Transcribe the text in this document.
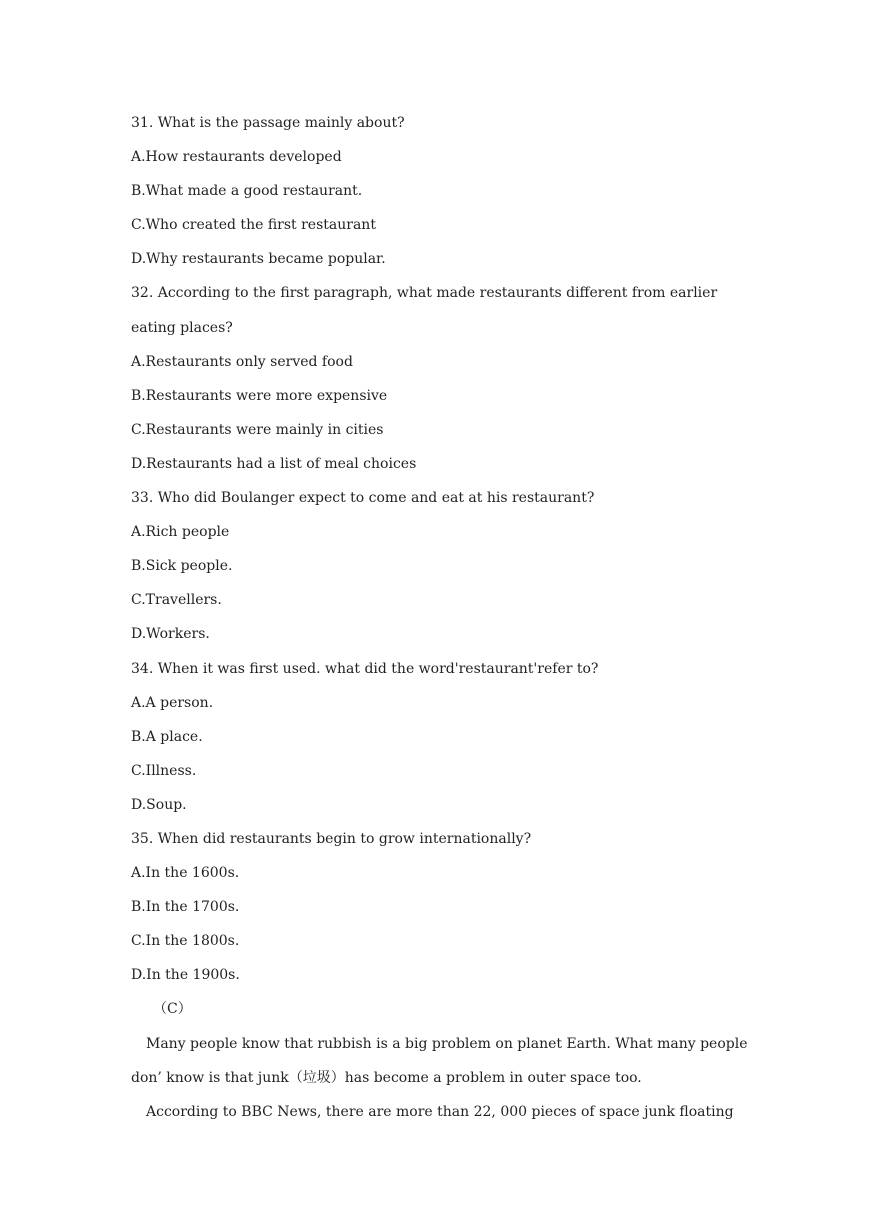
31. What is the passage mainly about?
A.How restaurants developed
B.What made a good restaurant.
C.Who created the first restaurant
D.Why restaurants became popular.
32. According to the first paragraph, what made restaurants different from earlier
eating places?
A.Restaurants only served food
B.Restaurants were more expensive
C.Restaurants were mainly in cities
D.Restaurants had a list of meal choices
33. Who did Boulanger expect to come and eat at his restaurant?
A.Rich people
B.Sick people.
C.Travellers.
D.Workers.
34. When it was first used. what did the word'restaurant'refer to?
A.A person.
B.A place.
C.Illness.
D.Soup.
35. When did restaurants begin to grow internationally?
A.In the 1600s.
B.In the 1700s.
C.In the 1800s.
D.In the 1900s.
（C）
Many people know that rubbish is a big problem on planet Earth. What many people
don’ know is that junk（垃圾）has become a problem in outer space too.
According to BBC News, there are more than 22, 000 pieces of space junk floating
